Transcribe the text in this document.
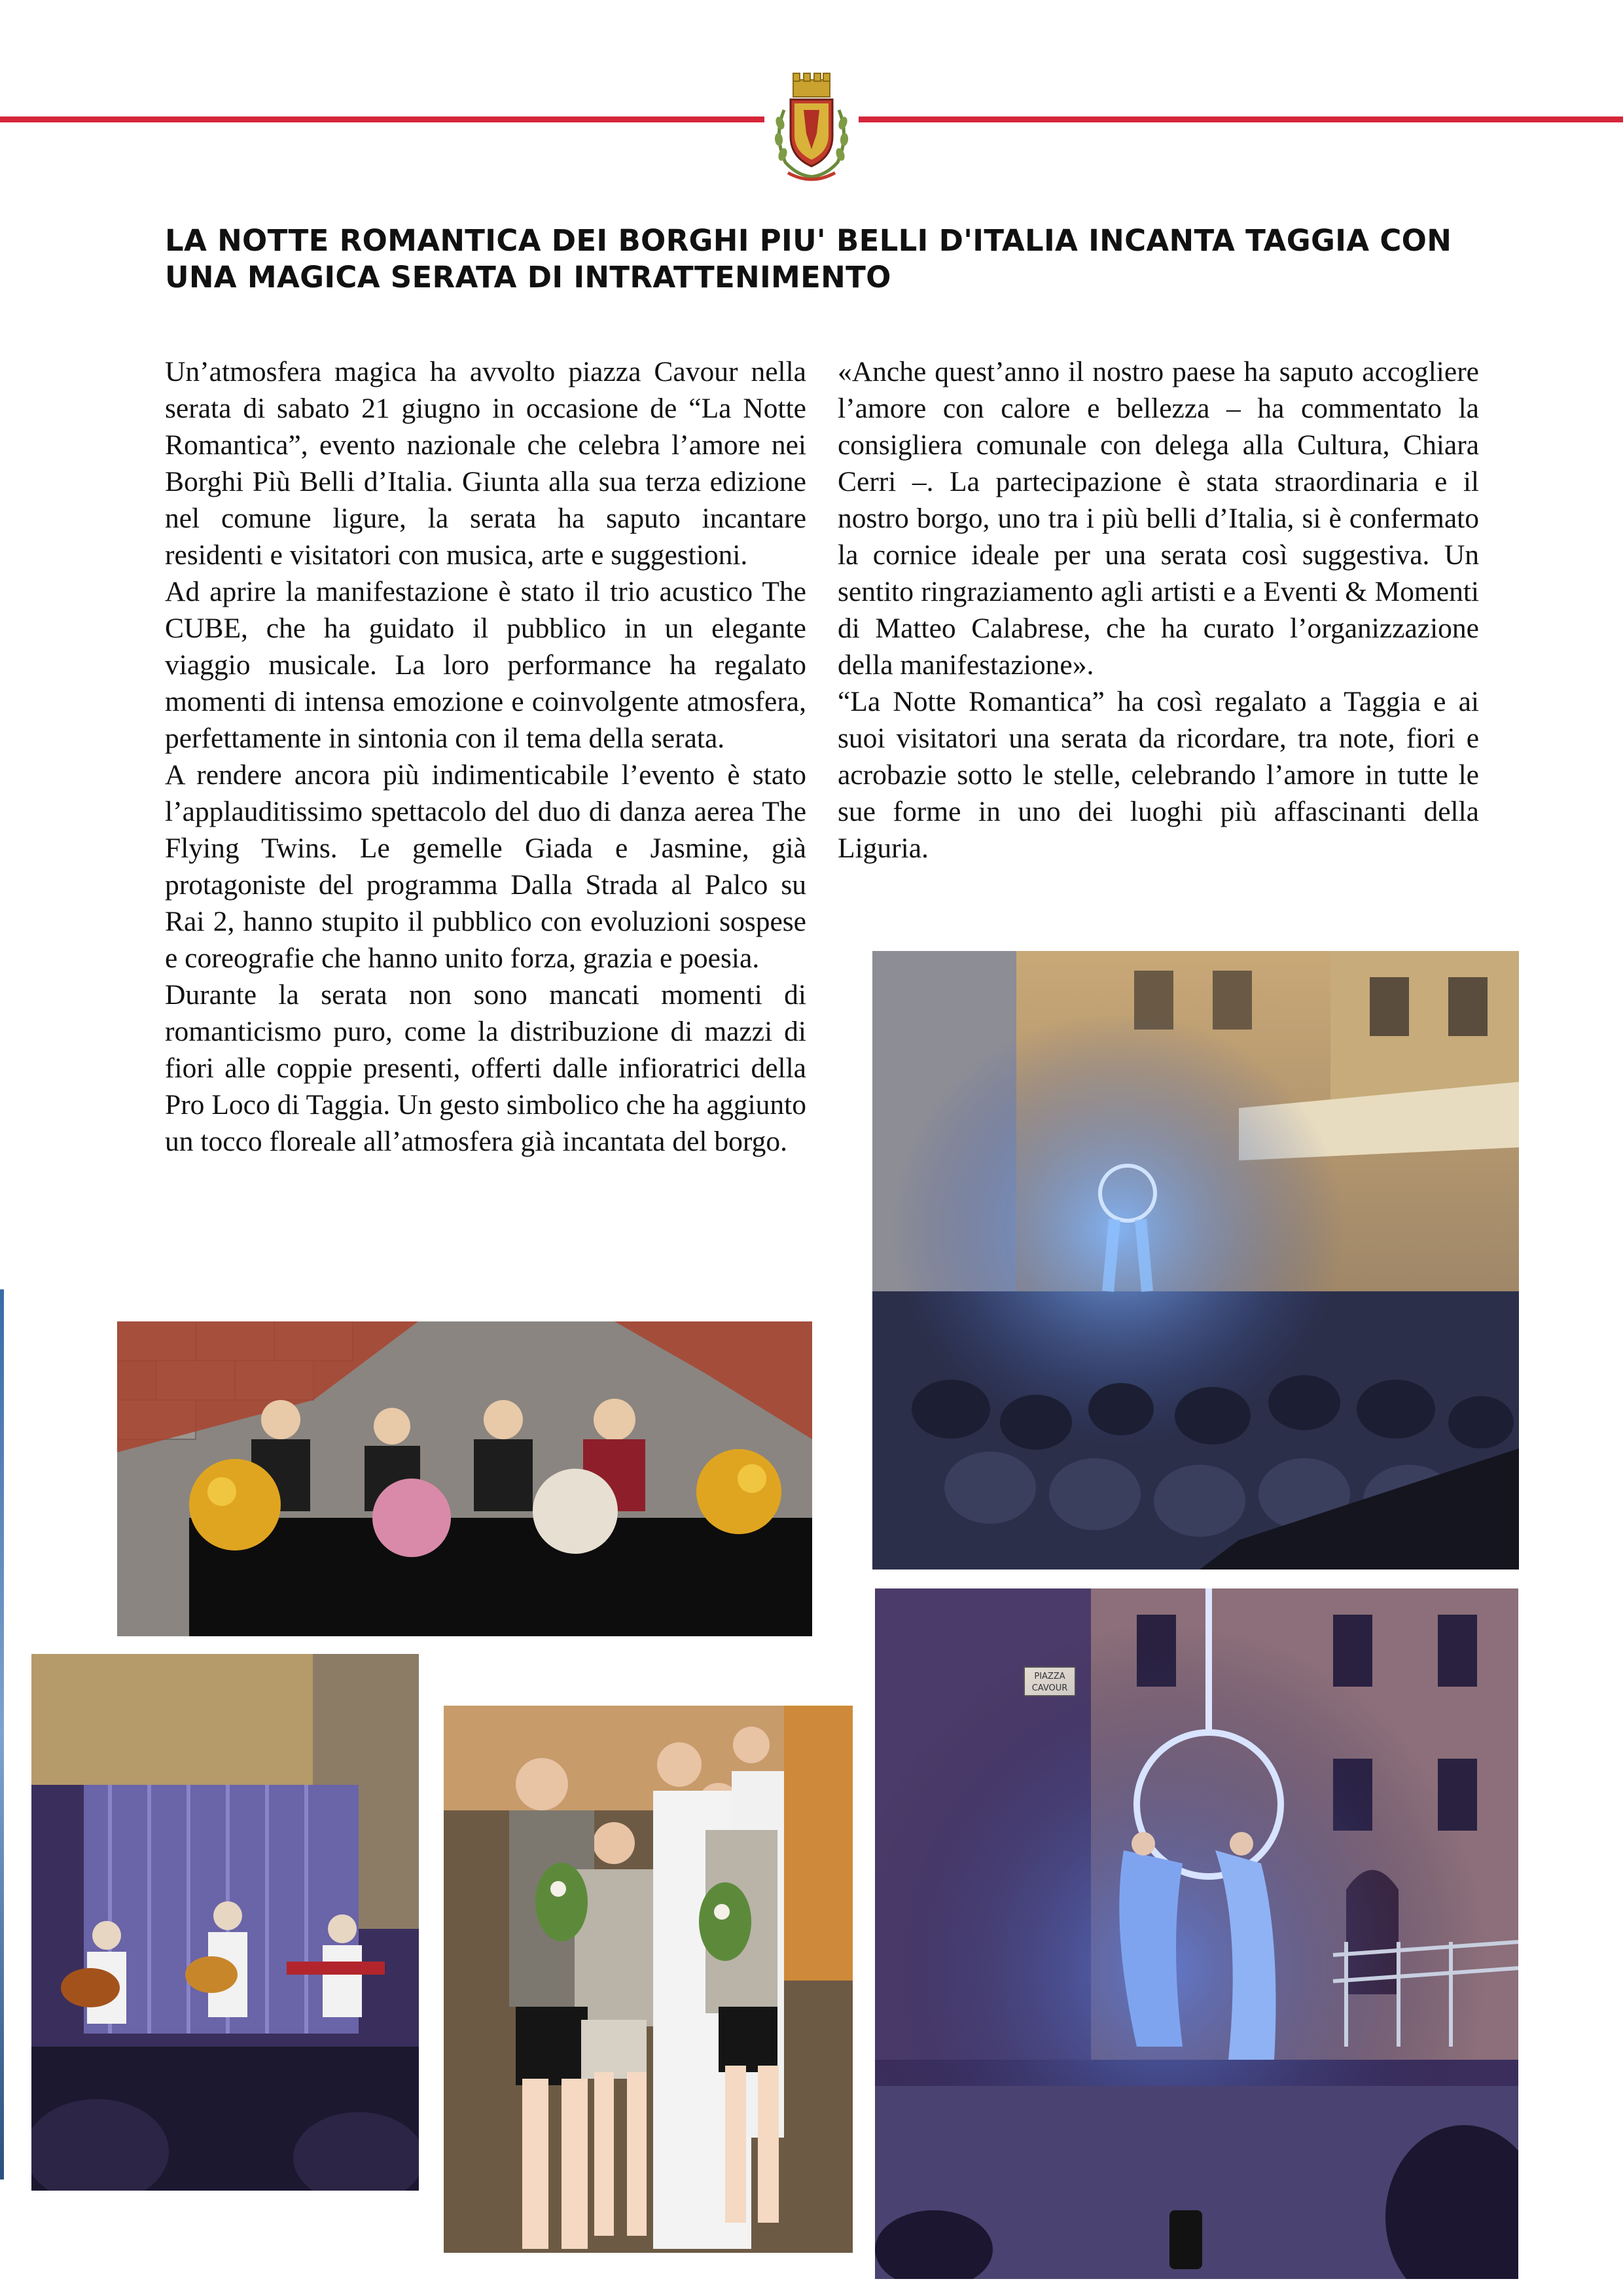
LA NOTTE ROMANTICA DEI BORGHI PIU' BELLI D'ITALIA INCANTA TAGGIA CON UNA MAGICA SERATA DI INTRATTENIMENTO

Un’atmosfera magica ha avvolto piazza Cavour nella serata di sabato 21 giugno in occasione de “La Notte Romantica”, evento nazionale che celebra l’amore nei Borghi Più Belli d’Italia. Giunta alla sua terza edizione nel comune ligure, la serata ha saputo incantare residenti e visitatori con musica, arte e suggestioni.

Ad aprire la manifestazione è stato il trio acustico The CUBE, che ha guidato il pubblico in un elegante viaggio musicale. La loro performance ha regalato momenti di intensa emozione e coinvolgente atmosfera, perfettamente in sintonia con il tema della serata.

A rendere ancora più indimenticabile l’evento è stato l’applauditissimo spettacolo del duo di danza aerea The Flying Twins. Le gemelle Giada e Jasmine, già protagoniste del programma Dalla Strada al Palco su Rai 2, hanno stupito il pubblico con evoluzioni sospese e coreografie che hanno unito forza, grazia e poesia.

Durante la serata non sono mancati momenti di romanticismo puro, come la distribuzione di mazzi di fiori alle coppie presenti, offerti dalle infioratrici della Pro Loco di Taggia. Un gesto simbolico che ha aggiunto un tocco floreale all’atmosfera già incantata del borgo.

«Anche quest’anno il nostro paese ha saputo accogliere l’amore con calore e bellezza – ha commentato la consigliera comunale con delega alla Cultura, Chiara Cerri –. La partecipazione è stata straordinaria e il nostro borgo, uno tra i più belli d’Italia, si è confermato la cornice ideale per una serata così suggestiva. Un sentito ringraziamento agli artisti e a Eventi & Momenti di Matteo Calabrese, che ha curato l’organizzazione della manifestazione».

“La Notte Romantica” ha così regalato a Taggia e ai suoi visitatori una serata da ricordare, tra note, fiori e acrobazie sotto le stelle, celebrando l’amore in tutte le sue forme in uno dei luoghi più affascinanti della Liguria.
